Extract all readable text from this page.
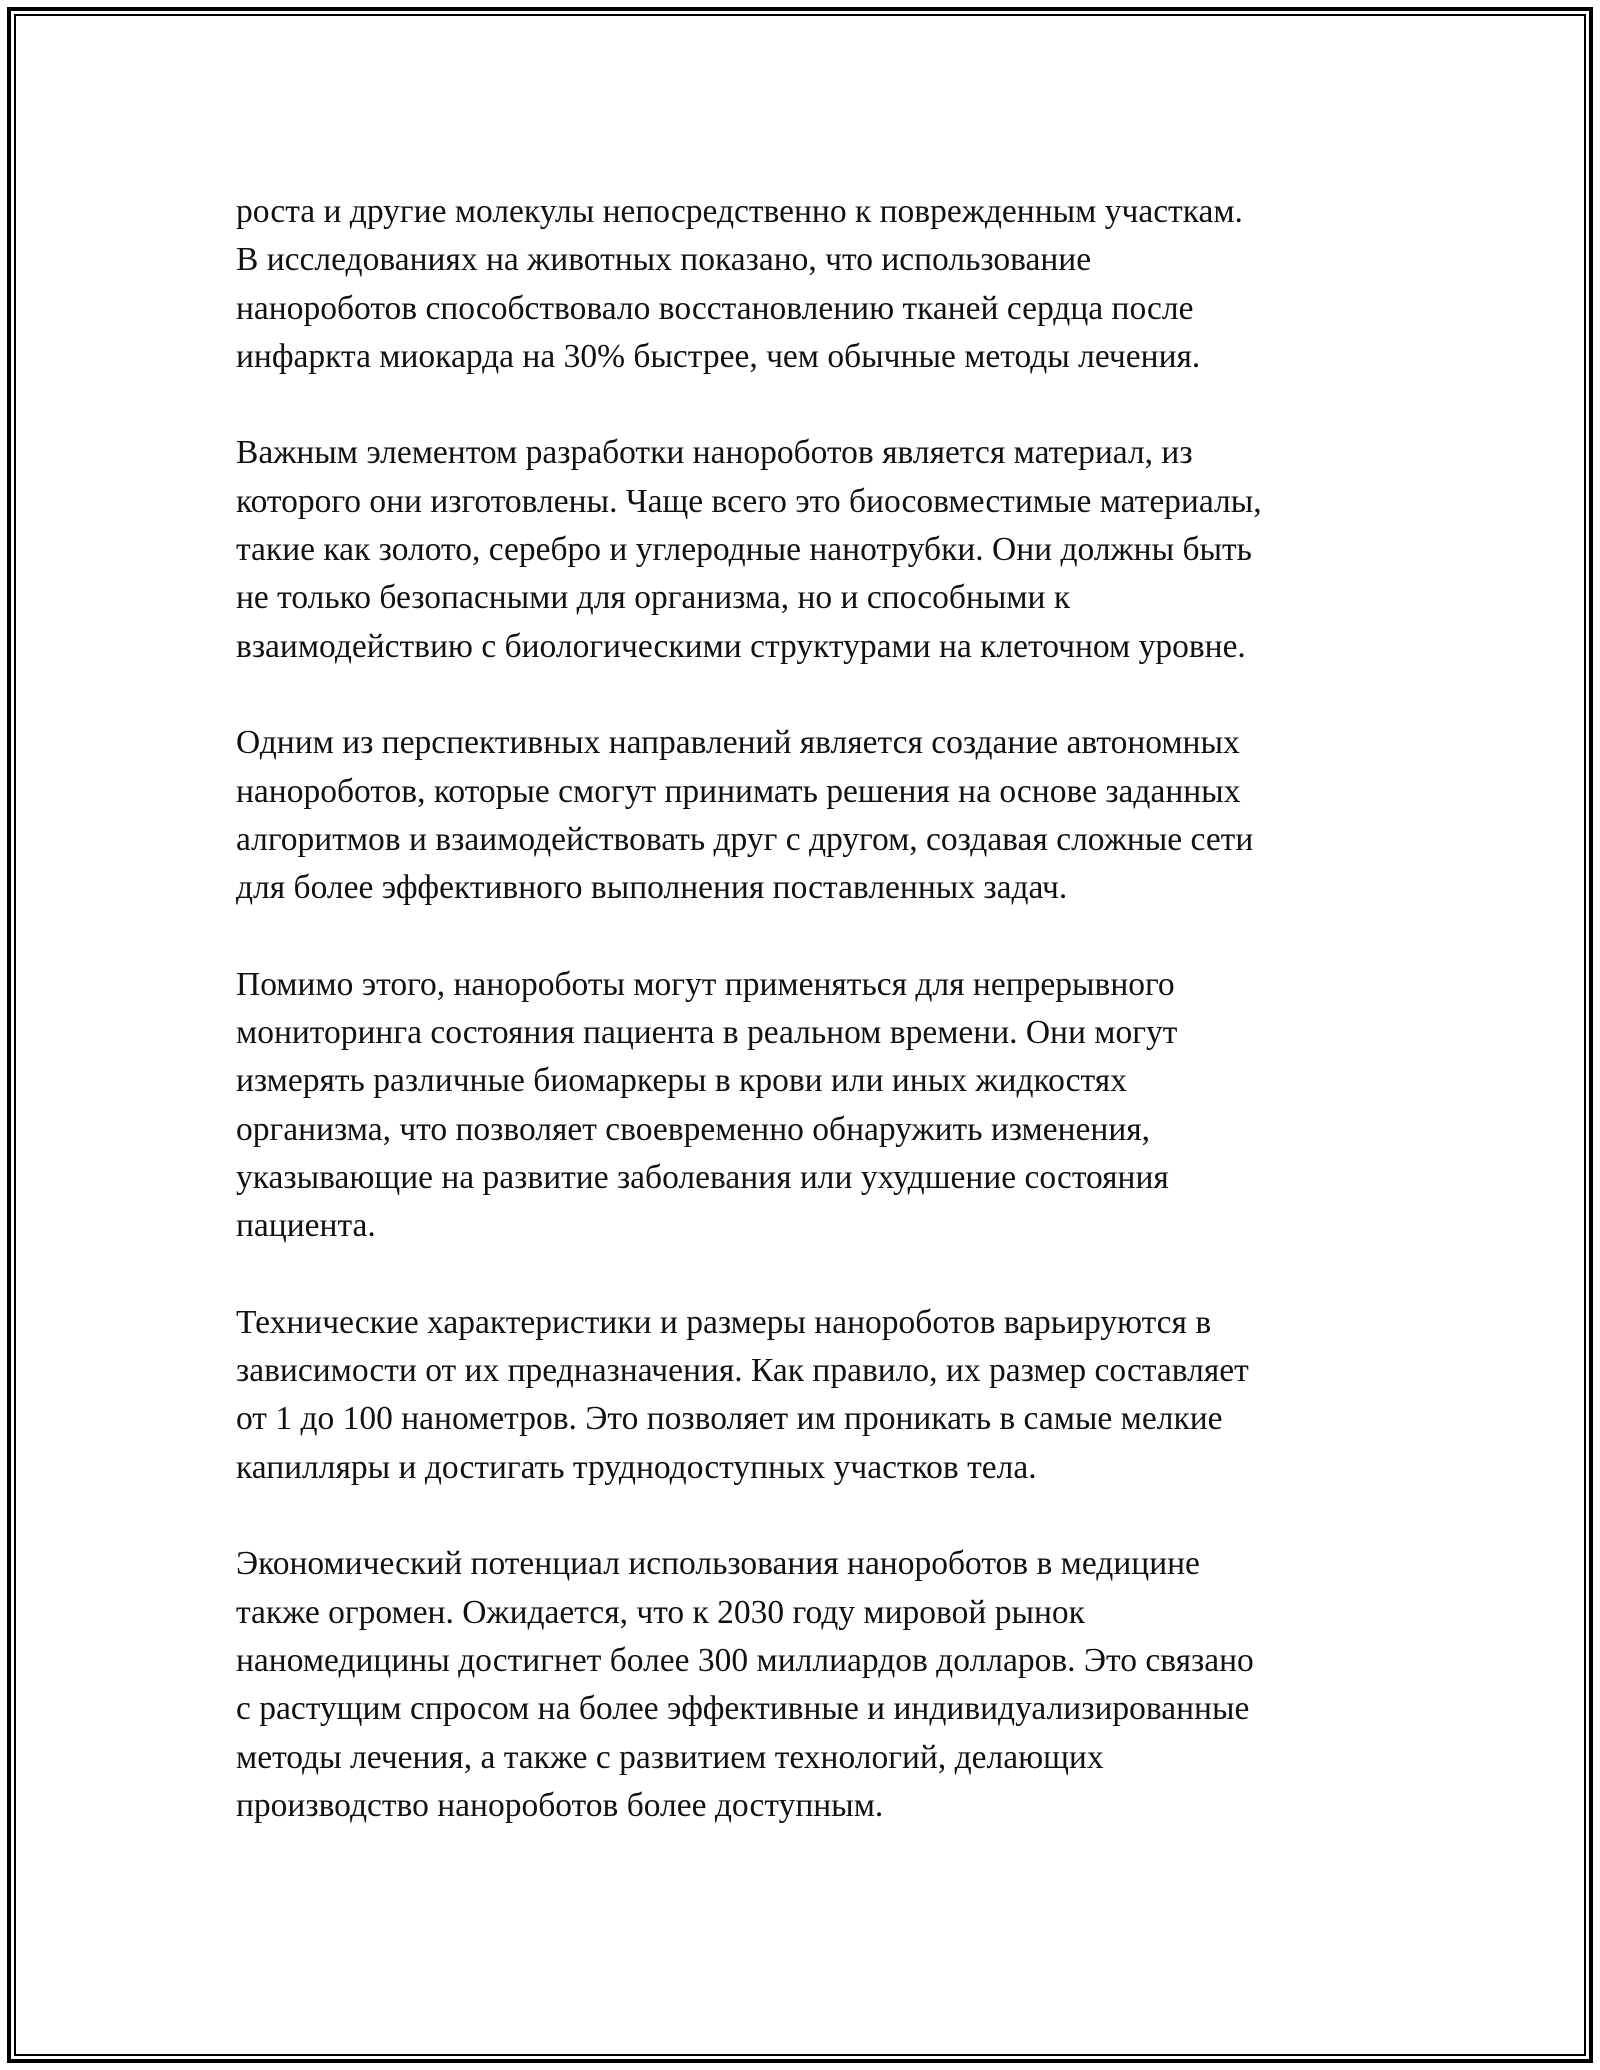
роста и другие молекулы непосредственно к поврежденным участкам.
В исследованиях на животных показано, что использование
нанороботов способствовало восстановлению тканей сердца после
инфаркта миокарда на 30% быстрее, чем обычные методы лечения.

Важным элементом разработки нанороботов является материал, из
которого они изготовлены. Чаще всего это биосовместимые материалы,
такие как золото, серебро и углеродные нанотрубки. Они должны быть
не только безопасными для организма, но и способными к
взаимодействию с биологическими структурами на клеточном уровне.

Одним из перспективных направлений является создание автономных
нанороботов, которые смогут принимать решения на основе заданных
алгоритмов и взаимодействовать друг с другом, создавая сложные сети
для более эффективного выполнения поставленных задач.

Помимо этого, нанороботы могут применяться для непрерывного
мониторинга состояния пациента в реальном времени. Они могут
измерять различные биомаркеры в крови или иных жидкостях
организма, что позволяет своевременно обнаружить изменения,
указывающие на развитие заболевания или ухудшение состояния
пациента.

Технические характеристики и размеры нанороботов варьируются в
зависимости от их предназначения. Как правило, их размер составляет
от 1 до 100 нанометров. Это позволяет им проникать в самые мелкие
капилляры и достигать труднодоступных участков тела.

Экономический потенциал использования нанороботов в медицине
также огромен. Ожидается, что к 2030 году мировой рынок
наномедицины достигнет более 300 миллиардов долларов. Это связано
с растущим спросом на более эффективные и индивидуализированные
методы лечения, а также с развитием технологий, делающих
производство нанороботов более доступным.
